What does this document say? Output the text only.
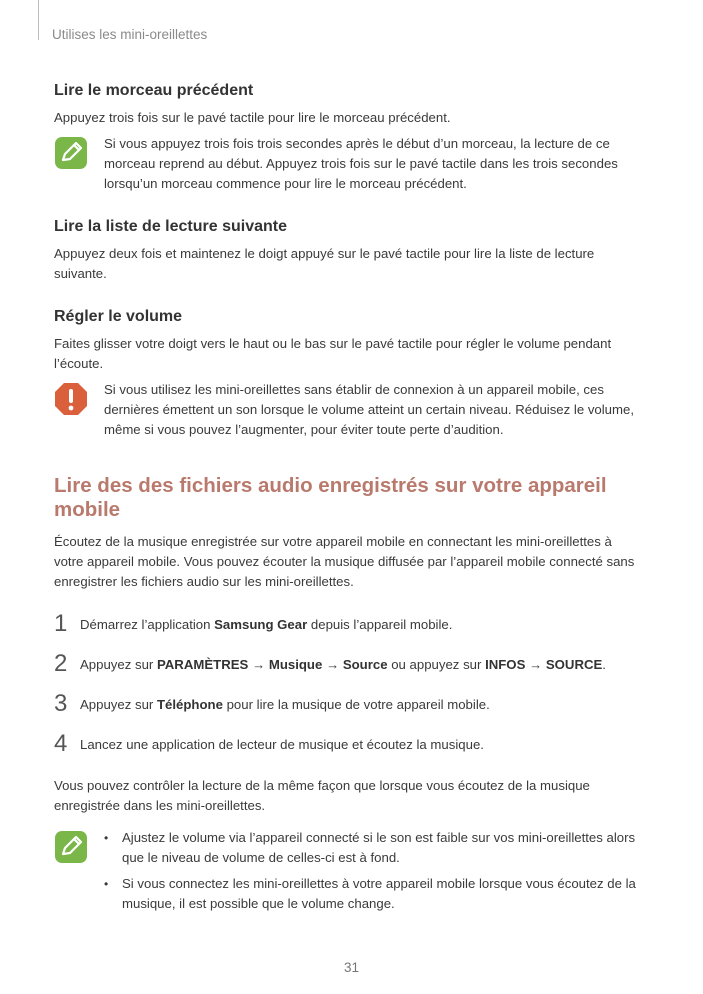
Utilises les mini-oreillettes
Lire le morceau précédent

Appuyez trois fois sur le pavé tactile pour lire le morceau précédent.

Si vous appuyez trois fois trois secondes après le début d’un morceau, la lecture de ce morceau reprend au début. Appuyez trois fois sur le pavé tactile dans les trois secondes lorsqu’un morceau commence pour lire le morceau précédent.
Lire la liste de lecture suivante

Appuyez deux fois et maintenez le doigt appuyé sur le pavé tactile pour lire la liste de lecture suivante.

Régler le volume

Faites glisser votre doigt vers le haut ou le bas sur le pavé tactile pour régler le volume pendant l’écoute.

Si vous utilisez les mini-oreillettes sans établir de connexion à un appareil mobile, ces dernières émettent un son lorsque le volume atteint un certain niveau. Réduisez le volume, même si vous pouvez l’augmenter, pour éviter toute perte d’audition.
Lire des des fichiers audio enregistrés sur votre appareil mobile

Écoutez de la musique enregistrée sur votre appareil mobile en connectant les mini-oreillettes à votre appareil mobile. Vous pouvez écouter la musique diffusée par l’appareil mobile connecté sans enregistrer les fichiers audio sur les mini-oreillettes.

1 Démarrez l’application Samsung Gear depuis l’appareil mobile.
2 Appuyez sur PARAMÈTRES → Musique → Source ou appuyez sur INFOS → SOURCE.
3 Appuyez sur Téléphone pour lire la musique de votre appareil mobile.
4 Lancez une application de lecteur de musique et écoutez la musique.

Vous pouvez contrôler la lecture de la même façon que lorsque vous écoutez de la musique enregistrée dans les mini-oreillettes.

•	Ajustez le volume via l’appareil connecté si le son est faible sur vos mini-oreillettes alors que le niveau de volume de celles-ci est à fond.
•	Si vous connectez les mini-oreillettes à votre appareil mobile lorsque vous écoutez de la musique, il est possible que le volume change.
31
